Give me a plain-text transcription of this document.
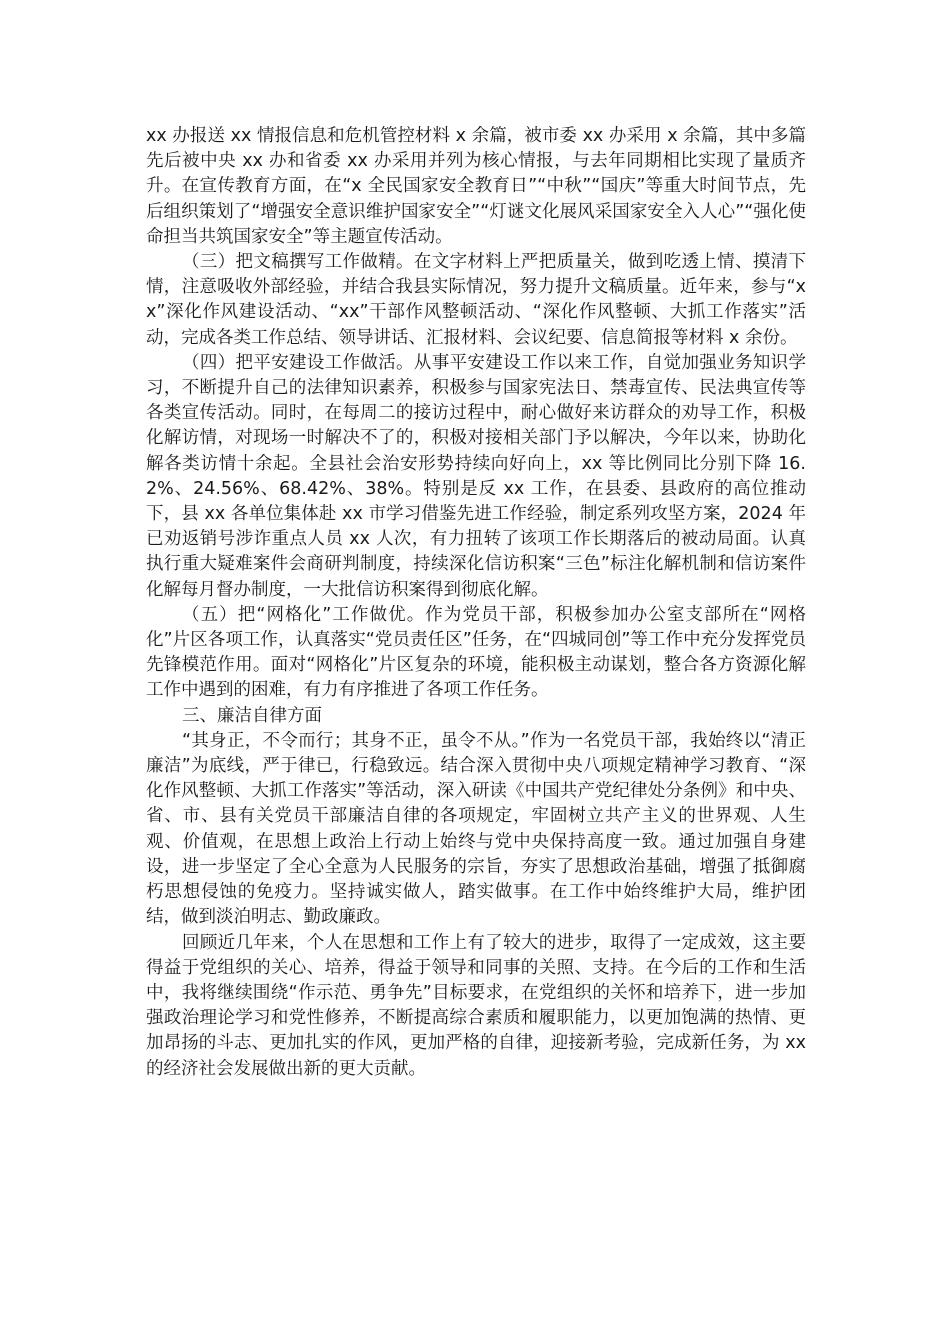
xx 办报送 xx 情报信息和危机管控材料 x 余篇，被市委 xx 办采用 x 余篇，其中多篇先后被中央 xx 办和省委 xx 办采用并列为核心情报，与去年同期相比实现了量质齐升。在宣传教育方面，在“x 全民国家安全教育日”“中秋”“国庆”等重大时间节点，先后组织策划了“增强安全意识维护国家安全”“灯谜文化展风采国家安全入人心”“强化使命担当共筑国家安全”等主题宣传活动。

（三）把文稿撰写工作做精。在文字材料上严把质量关，做到吃透上情、摸清下情，注意吸收外部经验，并结合我县实际情况，努力提升文稿质量。近年来，参与“xx”深化作风建设活动、“xx”干部作风整顿活动、“深化作风整顿、大抓工作落实”活动，完成各类工作总结、领导讲话、汇报材料、会议纪要、信息简报等材料 x 余份。

（四）把平安建设工作做活。从事平安建设工作以来工作，自觉加强业务知识学习，不断提升自己的法律知识素养，积极参与国家宪法日、禁毒宣传、民法典宣传等各类宣传活动。同时，在每周二的接访过程中，耐心做好来访群众的劝导工作，积极化解访情，对现场一时解决不了的，积极对接相关部门予以解决，今年以来，协助化解各类访情十余起。全县社会治安形势持续向好向上，xx 等比例同比分别下降 16.2%、24.56%、68.42%、38%。特别是反 xx 工作，在县委、县政府的高位推动下，县 xx 各单位集体赴 xx 市学习借鉴先进工作经验，制定系列攻坚方案，2024 年已劝返销号涉诈重点人员 xx 人次，有力扭转了该项工作长期落后的被动局面。认真执行重大疑难案件会商研判制度，持续深化信访积案“三色”标注化解机制和信访案件化解每月督办制度，一大批信访积案得到彻底化解。

（五）把“网格化”工作做优。作为党员干部，积极参加办公室支部所在“网格化”片区各项工作，认真落实“党员责任区”任务，在“四城同创”等工作中充分发挥党员先锋模范作用。面对“网格化”片区复杂的环境，能积极主动谋划，整合各方资源化解工作中遇到的困难，有力有序推进了各项工作任务。

三、廉洁自律方面

“其身正，不令而行；其身不正，虽令不从。”作为一名党员干部，我始终以“清正廉洁”为底线，严于律已，行稳致远。结合深入贯彻中央八项规定精神学习教育、“深化作风整顿、大抓工作落实”等活动，深入研读《中国共产党纪律处分条例》和中央、省、市、县有关党员干部廉洁自律的各项规定，牢固树立共产主义的世界观、人生观、价值观，在思想上政治上行动上始终与党中央保持高度一致。通过加强自身建设，进一步坚定了全心全意为人民服务的宗旨，夯实了思想政治基础，增强了抵御腐朽思想侵蚀的免疫力。坚持诚实做人，踏实做事。在工作中始终维护大局，维护团结，做到淡泊明志、勤政廉政。

回顾近几年来，个人在思想和工作上有了较大的进步，取得了一定成效，这主要得益于党组织的关心、培养，得益于领导和同事的关照、支持。在今后的工作和生活中，我将继续围绕“作示范、勇争先”目标要求，在党组织的关怀和培养下，进一步加强政治理论学习和党性修养，不断提高综合素质和履职能力，以更加饱满的热情、更加昂扬的斗志、更加扎实的作风，更加严格的自律，迎接新考验，完成新任务，为 xx 的经济社会发展做出新的更大贡献。
